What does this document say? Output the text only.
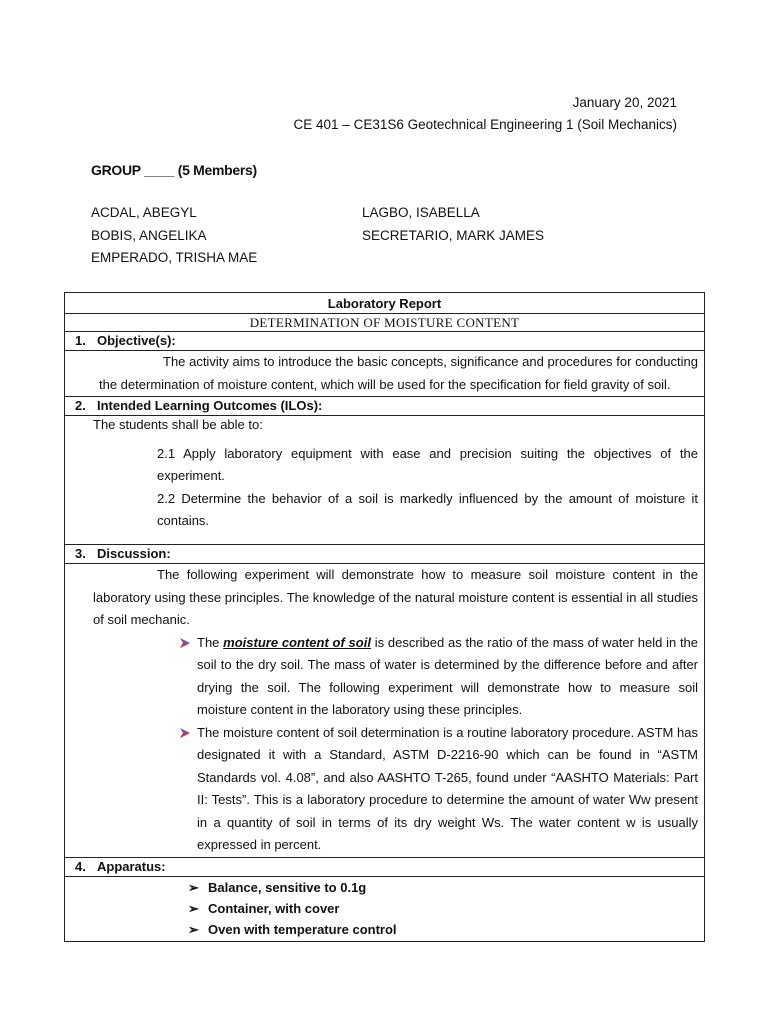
January 20, 2021
CE 401 – CE31S6 Geotechnical Engineering 1 (Soil Mechanics)
GROUP ____ (5 Members)
ACDAL, ABEGYL
BOBIS, ANGELIKA
EMPERADO, TRISHA MAE
LAGBO, ISABELLA
SECRETARIO, MARK JAMES
Laboratory Report
DETERMINATION OF MOISTURE CONTENT
1. Objective(s):

The activity aims to introduce the basic concepts, significance and procedures for conducting the determination of moisture content, which will be used for the specification for field gravity of soil.

2. Intended Learning Outcomes (ILOs):

The students shall be able to:
2.1 Apply laboratory equipment with ease and precision suiting the objectives of the experiment.
2.2 Determine the behavior of a soil is markedly influenced by the amount of moisture it contains.

3. Discussion:

The following experiment will demonstrate how to measure soil moisture content in the laboratory using these principles. The knowledge of the natural moisture content is essential in all studies of soil mechanic.
The moisture content of soil is described as the ratio of the mass of water held in the soil to the dry soil. The mass of water is determined by the difference before and after drying the soil. The following experiment will demonstrate how to measure soil moisture content in the laboratory using these principles.
The moisture content of soil determination is a routine laboratory procedure. ASTM has designated it with a Standard, ASTM D-2216-90 which can be found in “ASTM Standards vol. 4.08”, and also AASHTO T-265, found under “AASHTO Materials: Part II: Tests”. This is a laboratory procedure to determine the amount of water Ww present in a quantity of soil in terms of its dry weight Ws. The water content w is usually expressed in percent.

4. Apparatus:

➢ Balance, sensitive to 0.1g
➢ Container, with cover
➢ Oven with temperature control
